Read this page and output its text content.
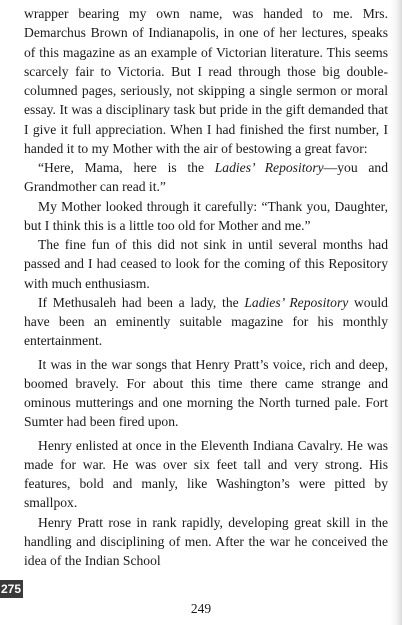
wrapper bearing my own name, was handed to me. Mrs. Demarchus Brown of Indianapolis, in one of her lectures, speaks of this magazine as an example of Victorian literature. This seems scarcely fair to Victoria. But I read through those big double-columned pages, seriously, not skipping a single sermon or moral essay. It was a disciplinary task but pride in the gift demanded that I give it full appreciation. When I had finished the first number, I handed it to my Mother with the air of bestowing a great favor:

“Here, Mama, here is the Ladies’ Repository—you and Grandmother can read it.”

My Mother looked through it carefully: “Thank you, Daughter, but I think this is a little too old for Mother and me.”

The fine fun of this did not sink in until several months had passed and I had ceased to look for the coming of this Repository with much enthusiasm.

If Methusaleh had been a lady, the Ladies’ Repository would have been an eminently suitable magazine for his monthly entertainment.

It was in the war songs that Henry Pratt’s voice, rich and deep, boomed bravely. For about this time there came strange and ominous mutterings and one morning the North turned pale. Fort Sumter had been fired upon.

Henry enlisted at once in the Eleventh Indiana Cavalry. He was made for war. He was over six feet tall and very strong. His features, bold and manly, like Washington’s were pitted by smallpox.

Henry Pratt rose in rank rapidly, developing great skill in the handling and disciplining of men. After the war he conceived the idea of the Indian School

249
275
